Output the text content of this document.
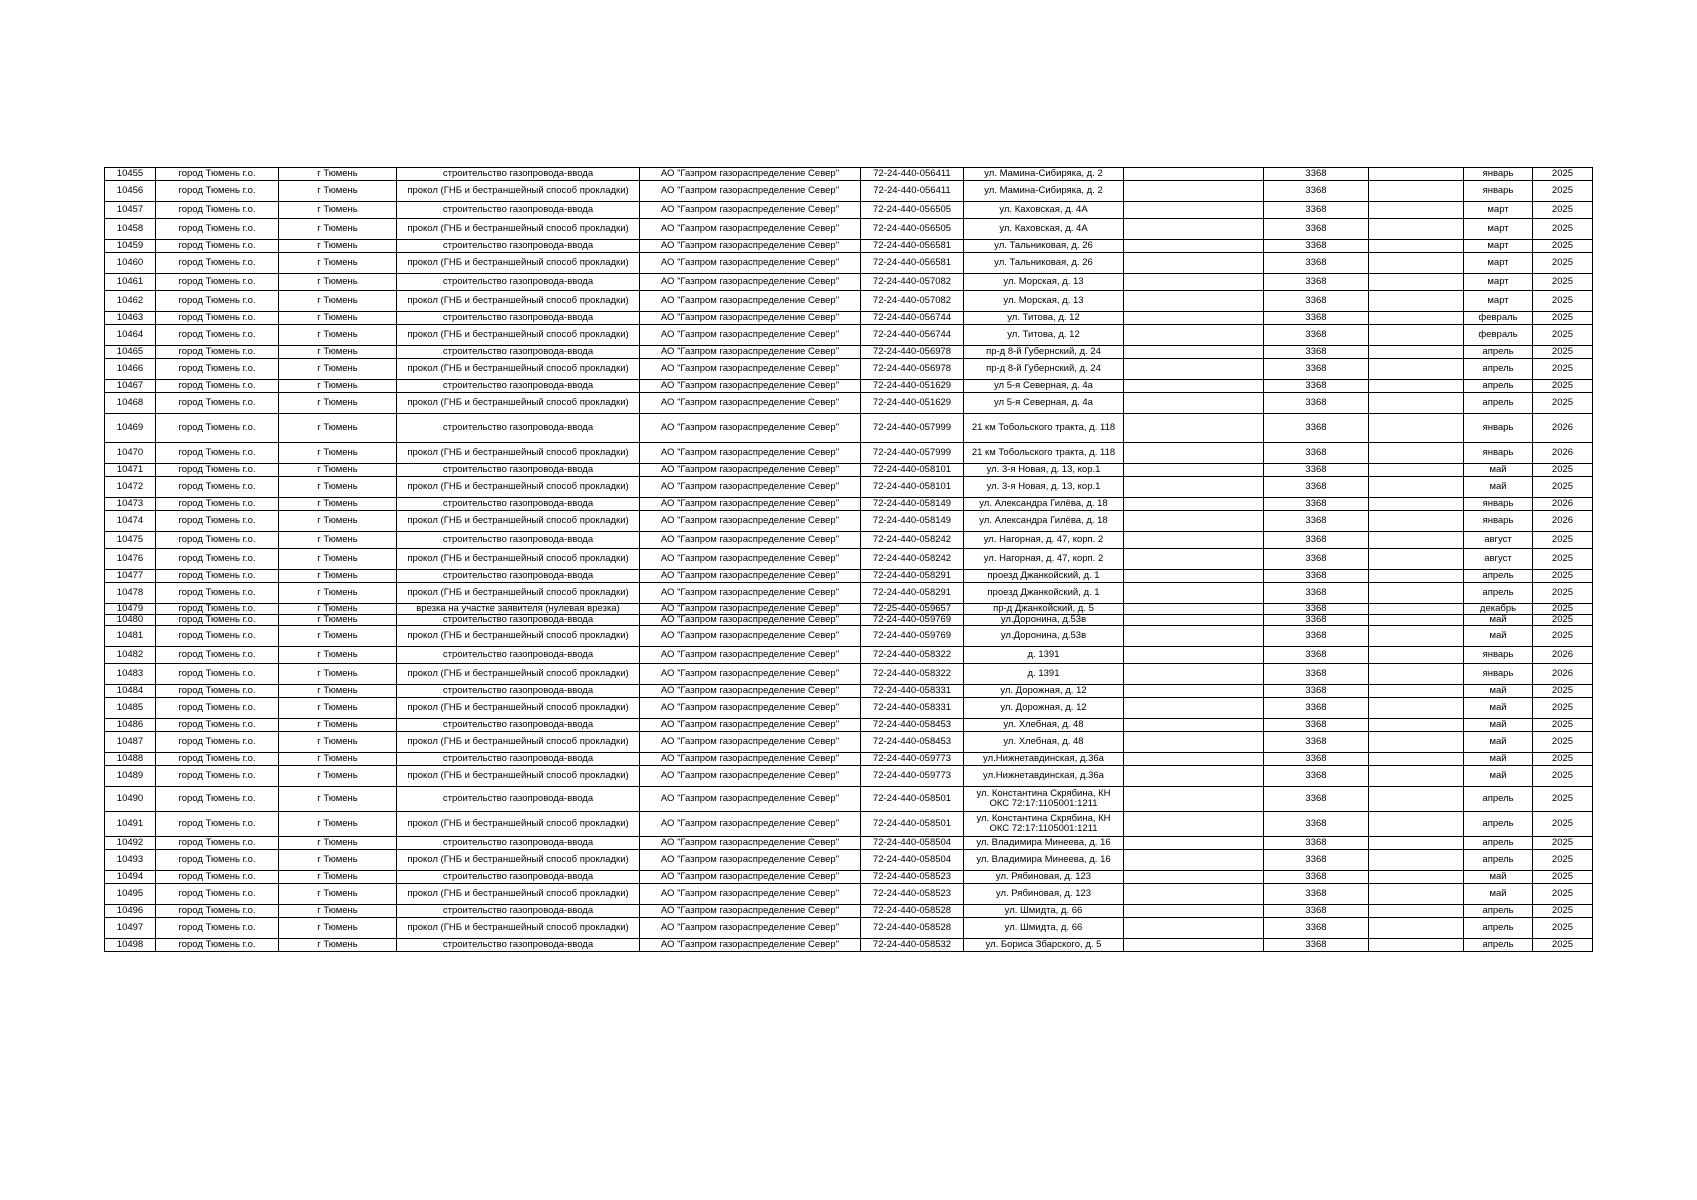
10455	город Тюмень г.о.	г Тюмень	строительство газопровода-ввода	АО "Газпром газораспределение Север"	72-24-440-056411	ул. Мамина-Сибиряка, д. 2		3368		январь	2025
10456	город Тюмень г.о.	г Тюмень	прокол (ГНБ и бестраншейный способ прокладки)	АО "Газпром газораспределение Север"	72-24-440-056411	ул. Мамина-Сибиряка, д. 2		3368		январь	2025
10457	город Тюмень г.о.	г Тюмень	строительство газопровода-ввода	АО "Газпром газораспределение Север"	72-24-440-056505	ул. Каховская, д. 4А		3368		март	2025
10458	город Тюмень г.о.	г Тюмень	прокол (ГНБ и бестраншейный способ прокладки)	АО "Газпром газораспределение Север"	72-24-440-056505	ул. Каховская, д. 4А		3368		март	2025
10459	город Тюмень г.о.	г Тюмень	строительство газопровода-ввода	АО "Газпром газораспределение Север"	72-24-440-056581	ул. Тальниковая, д. 26		3368		март	2025
10460	город Тюмень г.о.	г Тюмень	прокол (ГНБ и бестраншейный способ прокладки)	АО "Газпром газораспределение Север"	72-24-440-056581	ул. Тальниковая, д. 26		3368		март	2025
10461	город Тюмень г.о.	г Тюмень	строительство газопровода-ввода	АО "Газпром газораспределение Север"	72-24-440-057082	ул. Морская, д. 13		3368		март	2025
10462	город Тюмень г.о.	г Тюмень	прокол (ГНБ и бестраншейный способ прокладки)	АО "Газпром газораспределение Север"	72-24-440-057082	ул. Морская, д. 13		3368		март	2025
10463	город Тюмень г.о.	г Тюмень	строительство газопровода-ввода	АО "Газпром газораспределение Север"	72-24-440-056744	ул. Титова, д. 12		3368		февраль	2025
10464	город Тюмень г.о.	г Тюмень	прокол (ГНБ и бестраншейный способ прокладки)	АО "Газпром газораспределение Север"	72-24-440-056744	ул. Титова, д. 12		3368		февраль	2025
10465	город Тюмень г.о.	г Тюмень	строительство газопровода-ввода	АО "Газпром газораспределение Север"	72-24-440-056978	пр-д 8-й Губернский, д. 24		3368		апрель	2025
10466	город Тюмень г.о.	г Тюмень	прокол (ГНБ и бестраншейный способ прокладки)	АО "Газпром газораспределение Север"	72-24-440-056978	пр-д 8-й Губернский, д. 24		3368		апрель	2025
10467	город Тюмень г.о.	г Тюмень	строительство газопровода-ввода	АО "Газпром газораспределение Север"	72-24-440-051629	ул 5-я Северная, д. 4а		3368		апрель	2025
10468	город Тюмень г.о.	г Тюмень	прокол (ГНБ и бестраншейный способ прокладки)	АО "Газпром газораспределение Север"	72-24-440-051629	ул 5-я Северная, д. 4а		3368		апрель	2025
10469	город Тюмень г.о.	г Тюмень	строительство газопровода-ввода	АО "Газпром газораспределение Север"	72-24-440-057999	21 км Тобольского тракта, д. 118		3368		январь	2026
10470	город Тюмень г.о.	г Тюмень	прокол (ГНБ и бестраншейный способ прокладки)	АО "Газпром газораспределение Север"	72-24-440-057999	21 км Тобольского тракта, д. 118		3368		январь	2026
10471	город Тюмень г.о.	г Тюмень	строительство газопровода-ввода	АО "Газпром газораспределение Север"	72-24-440-058101	ул. 3-я Новая, д. 13, кор.1		3368		май	2025
10472	город Тюмень г.о.	г Тюмень	прокол (ГНБ и бестраншейный способ прокладки)	АО "Газпром газораспределение Север"	72-24-440-058101	ул. 3-я Новая, д. 13, кор.1		3368		май	2025
10473	город Тюмень г.о.	г Тюмень	строительство газопровода-ввода	АО "Газпром газораспределение Север"	72-24-440-058149	ул. Александра Гилёва, д. 18		3368		январь	2026
10474	город Тюмень г.о.	г Тюмень	прокол (ГНБ и бестраншейный способ прокладки)	АО "Газпром газораспределение Север"	72-24-440-058149	ул. Александра Гилёва, д. 18		3368		январь	2026
10475	город Тюмень г.о.	г Тюмень	строительство газопровода-ввода	АО "Газпром газораспределение Север"	72-24-440-058242	ул. Нагорная, д. 47, корп. 2		3368		август	2025
10476	город Тюмень г.о.	г Тюмень	прокол (ГНБ и бестраншейный способ прокладки)	АО "Газпром газораспределение Север"	72-24-440-058242	ул. Нагорная, д. 47, корп. 2		3368		август	2025
10477	город Тюмень г.о.	г Тюмень	строительство газопровода-ввода	АО "Газпром газораспределение Север"	72-24-440-058291	проезд Джанкойский, д. 1		3368		апрель	2025
10478	город Тюмень г.о.	г Тюмень	прокол (ГНБ и бестраншейный способ прокладки)	АО "Газпром газораспределение Север"	72-24-440-058291	проезд Джанкойский, д. 1		3368		апрель	2025
10479	город Тюмень г.о.	г Тюмень	врезка на участке заявителя (нулевая врезка)	АО "Газпром газораспределение Север"	72-25-440-059657	пр-д Джанкойский, д. 5		3368		декабрь	2025
10480	город Тюмень г.о.	г Тюмень	строительство газопровода-ввода	АО "Газпром газораспределение Север"	72-24-440-059769	ул.Доронина, д.53в		3368		май	2025
10481	город Тюмень г.о.	г Тюмень	прокол (ГНБ и бестраншейный способ прокладки)	АО "Газпром газораспределение Север"	72-24-440-059769	ул.Доронина, д.53в		3368		май	2025
10482	город Тюмень г.о.	г Тюмень	строительство газопровода-ввода	АО "Газпром газораспределение Север"	72-24-440-058322	д. 1391		3368		январь	2026
10483	город Тюмень г.о.	г Тюмень	прокол (ГНБ и бестраншейный способ прокладки)	АО "Газпром газораспределение Север"	72-24-440-058322	д. 1391		3368		январь	2026
10484	город Тюмень г.о.	г Тюмень	строительство газопровода-ввода	АО "Газпром газораспределение Север"	72-24-440-058331	ул. Дорожная, д. 12		3368		май	2025
10485	город Тюмень г.о.	г Тюмень	прокол (ГНБ и бестраншейный способ прокладки)	АО "Газпром газораспределение Север"	72-24-440-058331	ул. Дорожная, д. 12		3368		май	2025
10486	город Тюмень г.о.	г Тюмень	строительство газопровода-ввода	АО "Газпром газораспределение Север"	72-24-440-058453	ул. Хлебная, д. 48		3368		май	2025
10487	город Тюмень г.о.	г Тюмень	прокол (ГНБ и бестраншейный способ прокладки)	АО "Газпром газораспределение Север"	72-24-440-058453	ул. Хлебная, д. 48		3368		май	2025
10488	город Тюмень г.о.	г Тюмень	строительство газопровода-ввода	АО "Газпром газораспределение Север"	72-24-440-059773	ул.Нижнетавдинская, д.36а		3368		май	2025
10489	город Тюмень г.о.	г Тюмень	прокол (ГНБ и бестраншейный способ прокладки)	АО "Газпром газораспределение Север"	72-24-440-059773	ул.Нижнетавдинская, д.36а		3368		май	2025
10490	город Тюмень г.о.	г Тюмень	строительство газопровода-ввода	АО "Газпром газораспределение Север"	72-24-440-058501	ул. Константина Скрябина, КН ОКС 72:17:1105001:1211		3368		апрель	2025
10491	город Тюмень г.о.	г Тюмень	прокол (ГНБ и бестраншейный способ прокладки)	АО "Газпром газораспределение Север"	72-24-440-058501	ул. Константина Скрябина, КН ОКС 72:17:1105001:1211		3368		апрель	2025
10492	город Тюмень г.о.	г Тюмень	строительство газопровода-ввода	АО "Газпром газораспределение Север"	72-24-440-058504	ул. Владимира Минеева, д. 16		3368		апрель	2025
10493	город Тюмень г.о.	г Тюмень	прокол (ГНБ и бестраншейный способ прокладки)	АО "Газпром газораспределение Север"	72-24-440-058504	ул. Владимира Минеева, д. 16		3368		апрель	2025
10494	город Тюмень г.о.	г Тюмень	строительство газопровода-ввода	АО "Газпром газораспределение Север"	72-24-440-058523	ул. Рябиновая, д. 123		3368		май	2025
10495	город Тюмень г.о.	г Тюмень	прокол (ГНБ и бестраншейный способ прокладки)	АО "Газпром газораспределение Север"	72-24-440-058523	ул. Рябиновая, д. 123		3368		май	2025
10496	город Тюмень г.о.	г Тюмень	строительство газопровода-ввода	АО "Газпром газораспределение Север"	72-24-440-058528	ул. Шмидта, д. 66		3368		апрель	2025
10497	город Тюмень г.о.	г Тюмень	прокол (ГНБ и бестраншейный способ прокладки)	АО "Газпром газораспределение Север"	72-24-440-058528	ул. Шмидта, д. 66		3368		апрель	2025
10498	город Тюмень г.о.	г Тюмень	строительство газопровода-ввода	АО "Газпром газораспределение Север"	72-24-440-058532	ул. Бориса Збарского, д. 5		3368		апрель	2025
